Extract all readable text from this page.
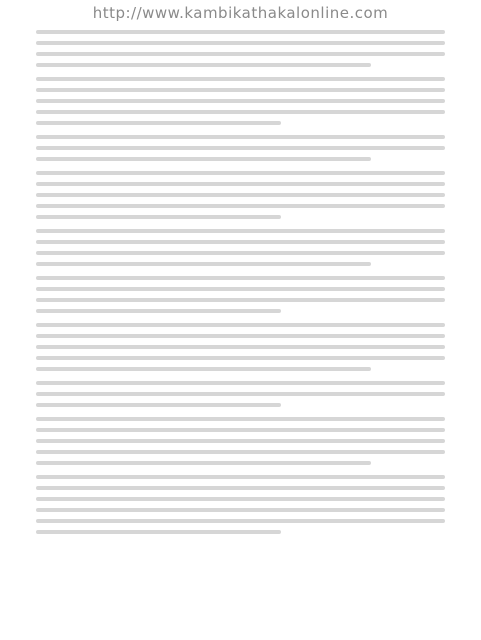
http://www.kambikathakalonline.com
